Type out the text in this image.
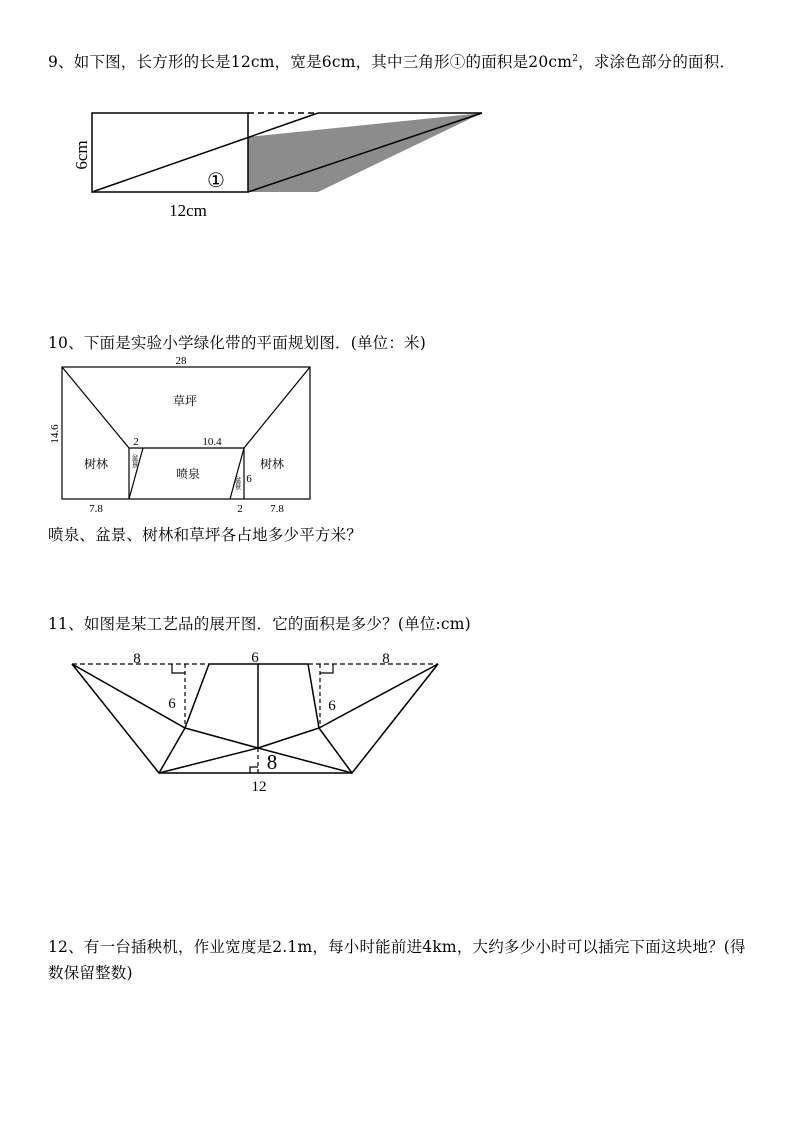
9、如下图，长方形的长是12cm，宽是6cm，其中三角形①的面积是$20cm^2$，求涂色部分的面积．
6cm
12cm
①
10、下面是实验小学绿化带的平面规划图．(单位：米)
28
14.6
草坪
树林	树林
喷泉
盆景
盆景
2	10.4
6
7.8	2 7.8
喷泉、盆景、树林和草坪各占地多少平方米？
11、如图是某工艺品的展开图．它的面积是多少？(单位:cm)
8	6	8
6	6
8
12
12、有一台插秧机，作业宽度是2.1m，每小时能前进4km，大约多少小时可以插完下面这块地？(得数保留整数)
